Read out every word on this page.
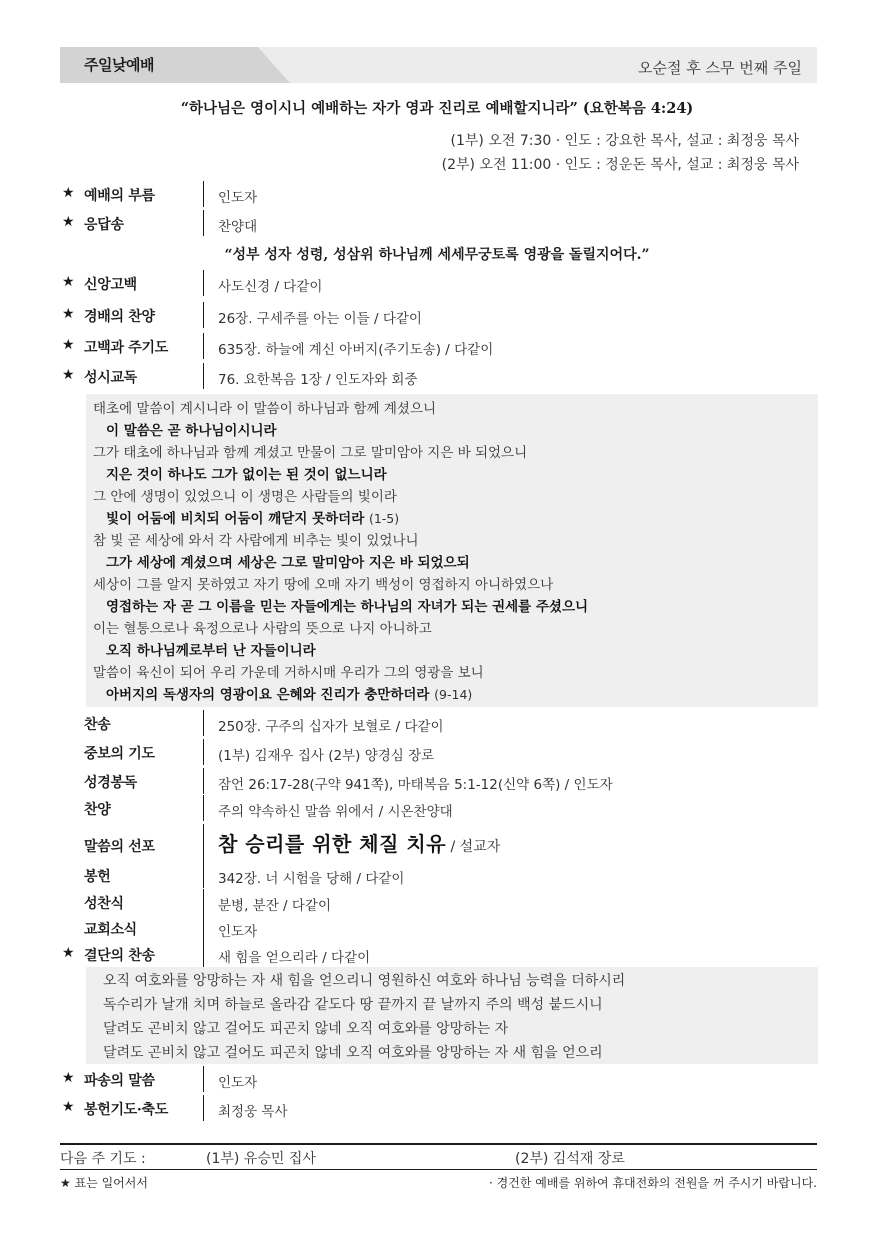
주일낮예배	오순절 후 스무 번째 주일
“하나님은 영이시니 예배하는 자가 영과 진리로 예배할지니라” (요한복음 4:24)
(1부) 오전 7:30 · 인도 : 강요한 목사, 설교 : 최정웅 목사
(2부) 오전 11:00 · 인도 : 정운돈 목사, 설교 : 최정웅 목사
★ 예배의 부름	인도자
★ 응답송	찬양대
“성부 성자 성령, 성삼위 하나님께 세세무궁토록 영광을 돌릴지어다.”
★ 신앙고백	사도신경 / 다같이
★ 경배의 찬양	26장. 구세주를 아는 이들 / 다같이
★ 고백과 주기도	635장. 하늘에 계신 아버지(주기도송) / 다같이
★ 성시교독	76. 요한복음 1장 / 인도자와 회중
태초에 말씀이 계시니라 이 말씀이 하나님과 함께 계셨으니
이 말씀은 곧 하나님이시니라
그가 태초에 하나님과 함께 계셨고 만물이 그로 말미암아 지은 바 되었으니
지은 것이 하나도 그가 없이는 된 것이 없느니라
그 안에 생명이 있었으니 이 생명은 사람들의 빛이라
빛이 어둠에 비치되 어둠이 깨닫지 못하더라 (1-5)
참 빛 곧 세상에 와서 각 사람에게 비추는 빛이 있었나니
그가 세상에 계셨으며 세상은 그로 말미암아 지은 바 되었으되
세상이 그를 알지 못하였고 자기 땅에 오매 자기 백성이 영접하지 아니하였으나
영접하는 자 곧 그 이름을 믿는 자들에게는 하나님의 자녀가 되는 권세를 주셨으니
이는 혈통으로나 육정으로나 사람의 뜻으로 나지 아니하고
오직 하나님께로부터 난 자들이니라
말씀이 육신이 되어 우리 가운데 거하시매 우리가 그의 영광을 보니
아버지의 독생자의 영광이요 은혜와 진리가 충만하더라 (9-14)
찬송	250장. 구주의 십자가 보혈로 / 다같이
중보의 기도	(1부) 김재우 집사 (2부) 양경심 장로
성경봉독	잠언 26:17-28(구약 941쪽), 마태복음 5:1-12(신약 6쪽) / 인도자
찬양	주의 약속하신 말씀 위에서 / 시온찬양대
말씀의 선포	참 승리를 위한 체질 치유 / 설교자
봉헌	342장. 너 시험을 당해 / 다같이
성찬식	분병, 분잔 / 다같이
교회소식	인도자
★ 결단의 찬송	새 힘을 얻으리라 / 다같이
오직 여호와를 앙망하는 자 새 힘을 얻으리니 영원하신 여호와 하나님 능력을 더하시리
독수리가 날개 치며 하늘로 올라감 같도다 땅 끝까지 끝 날까지 주의 백성 붙드시니
달려도 곤비치 않고 걸어도 피곤치 않네 오직 여호와를 앙망하는 자
달려도 곤비치 않고 걸어도 피곤치 않네 오직 여호와를 앙망하는 자 새 힘을 얻으리
★ 파송의 말씀	인도자
★ 봉헌기도·축도	최정웅 목사
다음 주 기도 :	(1부) 유승민 집사	(2부) 김석재 장로
★ 표는 일어서서	· 경건한 예배를 위하여 휴대전화의 전원을 꺼 주시기 바랍니다.
